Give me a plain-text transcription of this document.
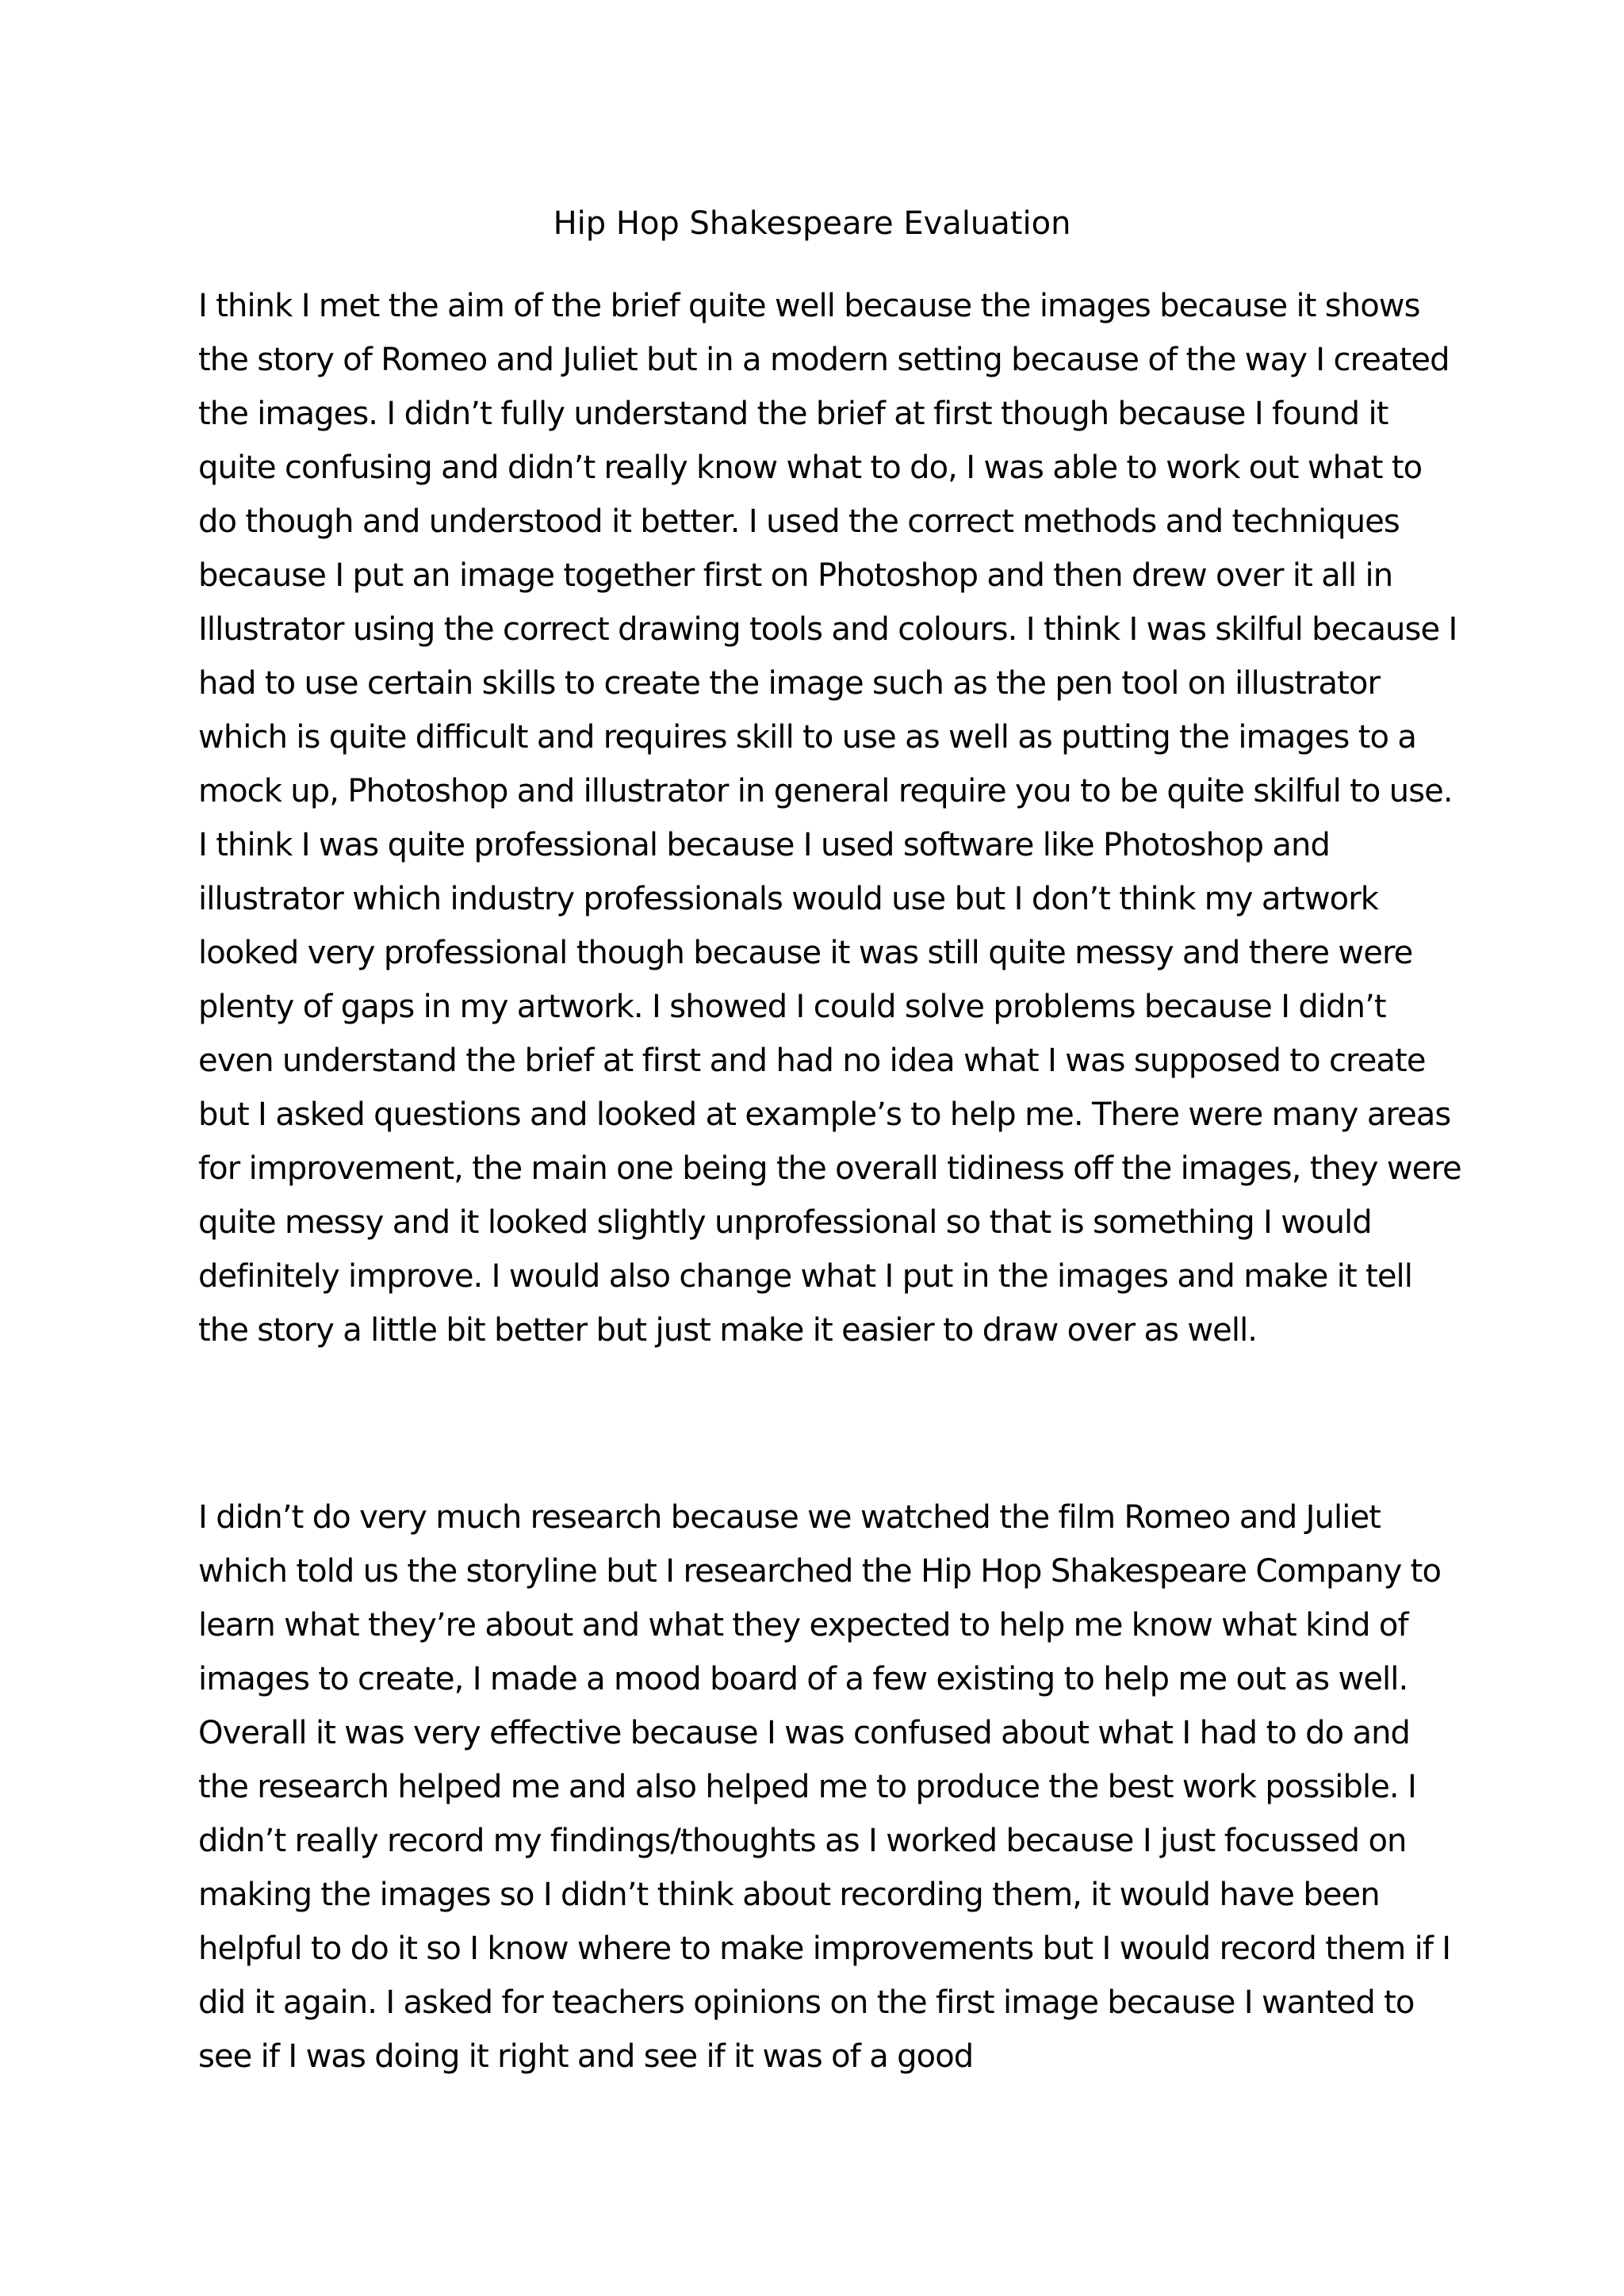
Hip Hop Shakespeare Evaluation

I think I met the aim of the brief quite well because the images because it shows the story of Romeo and Juliet but in a modern setting because of the way I created the images. I didn’t fully understand the brief at first though because I found it quite confusing and didn’t really know what to do, I was able to work out what to do though and understood it better. I used the correct methods and techniques because I put an image together first on Photoshop and then drew over it all in Illustrator using the correct drawing tools and colours. I think I was skilful because I had to use certain skills to create the image such as the pen tool on illustrator which is quite difficult and requires skill to use as well as putting the images to a mock up, Photoshop and illustrator in general require you to be quite skilful to use. I think I was quite professional because I used software like Photoshop and illustrator which industry professionals would use but I don’t think my artwork looked very professional though because it was still quite messy and there were plenty of gaps in my artwork. I showed I could solve problems because I didn’t even understand the brief at first and had no idea what I was supposed to create but I asked questions and looked at example’s to help me. There were many areas for improvement, the main one being the overall tidiness off the images, they were quite messy and it looked slightly unprofessional so that is something I would definitely improve. I would also change what I put in the images and make it tell the story a little bit better but just make it easier to draw over as well.

I didn’t do very much research because we watched the film Romeo and Juliet which told us the storyline but I researched the Hip Hop Shakespeare Company to learn what they’re about and what they expected to help me know what kind of images to create, I made a mood board of a few existing to help me out as well. Overall it was very effective because I was confused about what I had to do and the research helped me and also helped me to produce the best work possible. I didn’t really record my findings/thoughts as I worked because I just focussed on making the images so I didn’t think about recording them, it would have been helpful to do it so I know where to make improvements but I would record them if I did it again. I asked for teachers opinions on the first image because I wanted to see if I was doing it right and see if it was of a good
